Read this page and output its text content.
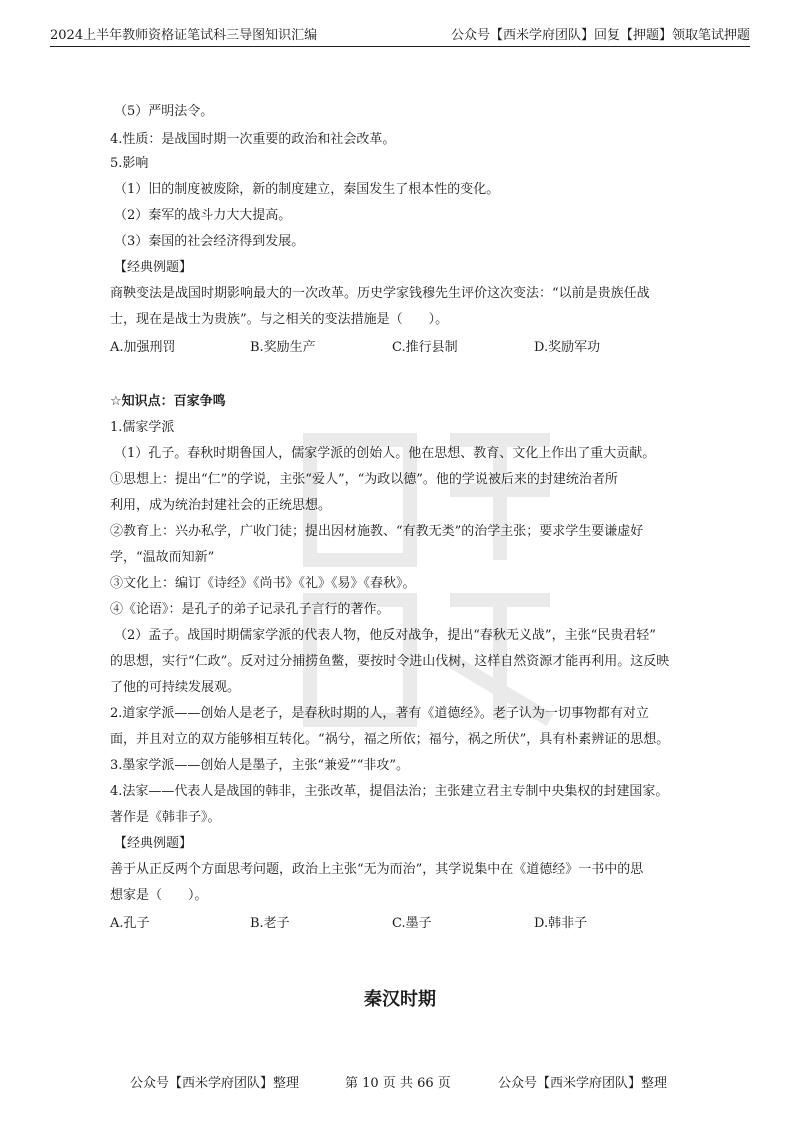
2024上半年教师资格证笔试科三导图知识汇编	公众号【西米学府团队】回复【押题】领取笔试押题
（5）严明法令。
4.性质：是战国时期一次重要的政治和社会改革。
5.影响
（1）旧的制度被废除，新的制度建立，秦国发生了根本性的变化。
（2）秦军的战斗力大大提高。
（3）秦国的社会经济得到发展。
【经典例题】
商鞅变法是战国时期影响最大的一次改革。历史学家钱穆先生评价这次变法：“以前是贵族任战
士，现在是战士为贵族”。与之相关的变法措施是（　　）。
A.加强刑罚	B.奖励生产	C.推行县制	D.奖励军功
☆知识点：百家争鸣
1.儒家学派
（1）孔子。春秋时期鲁国人，儒家学派的创始人。他在思想、教育、文化上作出了重大贡献。
①思想上：提出“仁”的学说，主张“爱人”，“为政以德”。他的学说被后来的封建统治者所
利用，成为统治封建社会的正统思想。
②教育上：兴办私学，广收门徒；提出因材施教、“有教无类”的治学主张；要求学生要谦虚好
学，“温故而知新”
③文化上：编订《诗经》《尚书》《礼》《易》《春秋》。
④《论语》：是孔子的弟子记录孔子言行的著作。
（2）孟子。战国时期儒家学派的代表人物，他反对战争，提出“春秋无义战”，主张“民贵君轻”
的思想，实行“仁政”。反对过分捕捞鱼鳖，要按时令进山伐树，这样自然资源才能再利用。这反映
了他的可持续发展观。
2.道家学派——创始人是老子，是春秋时期的人，著有《道德经》。老子认为一切事物都有对立
面，并且对立的双方能够相互转化。“祸兮，福之所依；福兮，祸之所伏”，具有朴素辨证的思想。
3.墨家学派——创始人是墨子，主张“兼爱”“非攻”。
4.法家——代表人是战国的韩非，主张改革，提倡法治；主张建立君主专制中央集权的封建国家。
著作是《韩非子》。
【经典例题】
善于从正反两个方面思考问题，政治上主张“无为而治”，其学说集中在《道德经》一书中的思
想家是（　　）。
A.孔子	B.老子	C.墨子	D.韩非子
秦汉时期
公众号【西米学府团队】整理	第 10 页 共 66 页	公众号【西米学府团队】整理
